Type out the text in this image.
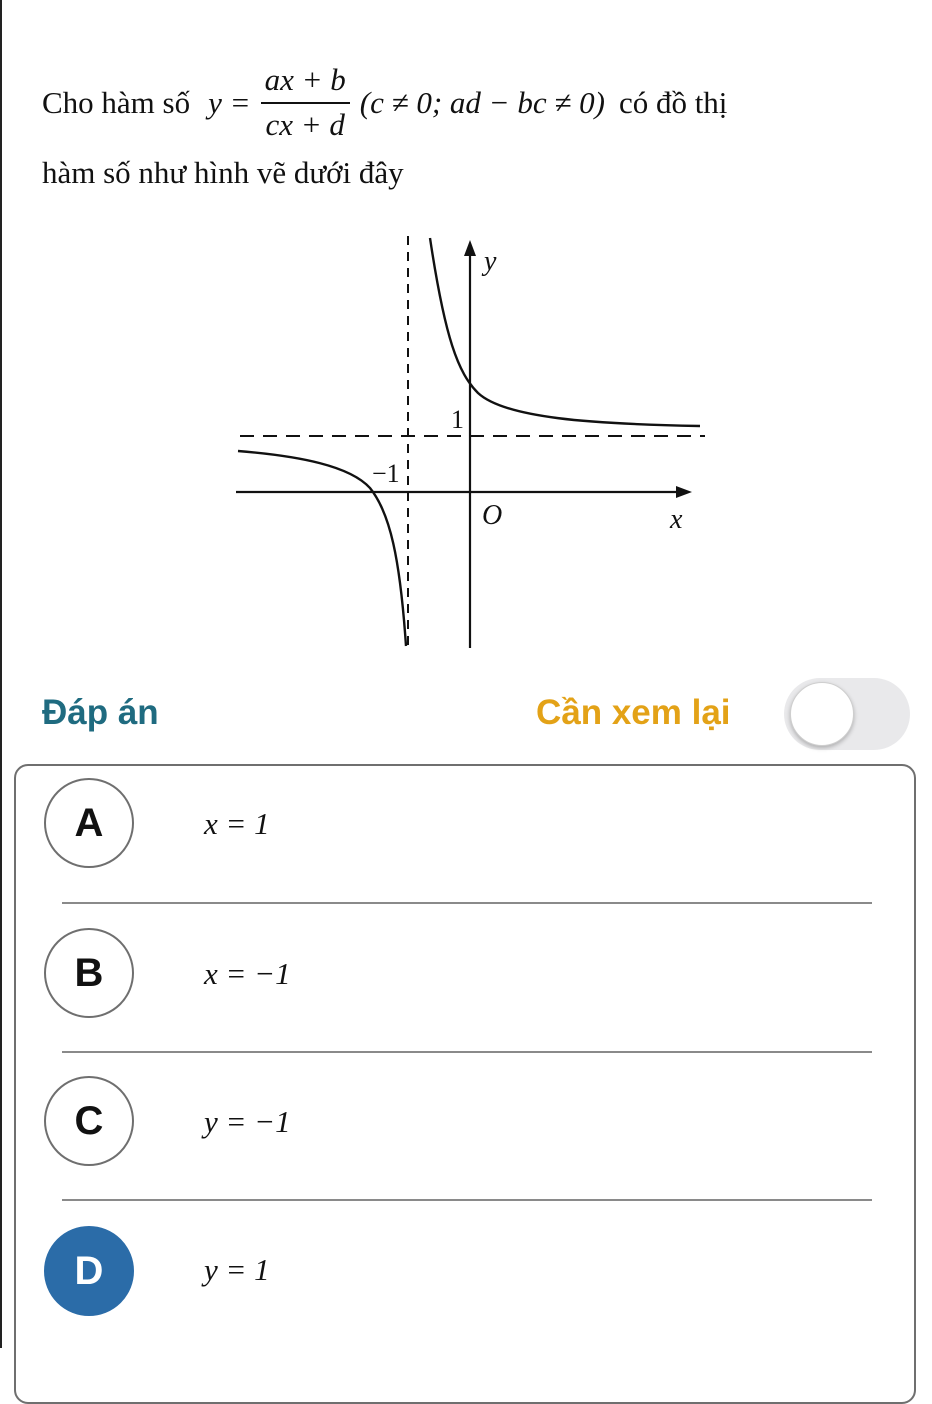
Cho hàm số $y = \frac{ax + b}{cx + d} (c \ne 0$; ad − bc ≠ 0) có đồ thị
hàm số như hình vẽ dưới đây
y
x
O
1
−1
Đáp án	Cần xem lại
A	x = 1
B	x = −1
C	y = −1
D	y = 1
